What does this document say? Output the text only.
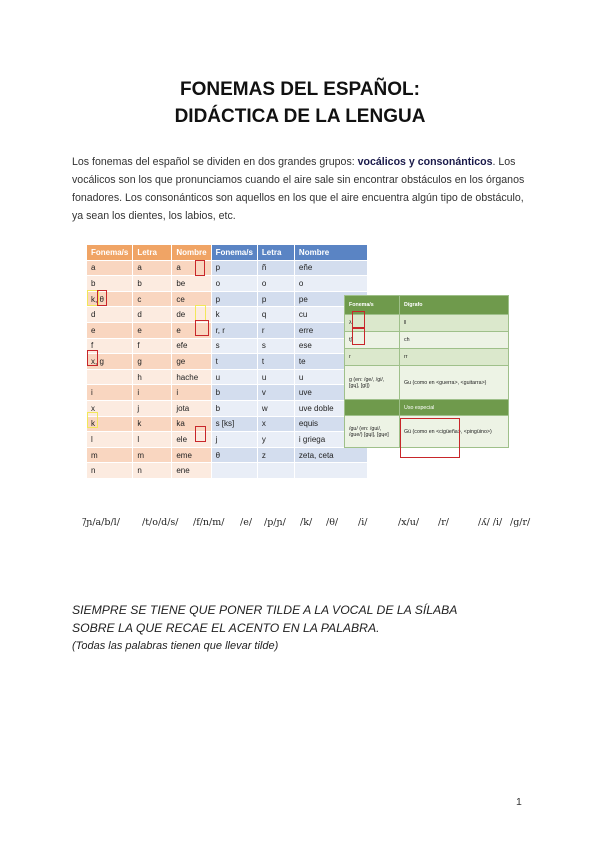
FONEMAS DEL ESPAÑOL:
DIDÁCTICA DE LA LENGUA
Los fonemas del español se dividen en dos grandes grupos: vocálicos y consonánticos. Los vocálicos son los que pronunciamos cuando el aire sale sin encontrar obstáculos en los órganos fonadores. Los consonánticos son aquellos en los que el aire encuentra algún tipo de obstáculo, ya sean los dientes, los labios, etc.
Fonema/s	Letra	Nombre	Fonema/s	Letra	Nombre
a	a	a	p	ñ	eñe
b	b	be	o	o	o
k, θ	c	ce	p	p	pe
d	d	de	k	q	cu
e	e	e	r, r	r	erre
f	f	efe	s	s	ese
x, g	g	ge	t	t	te
	h	hache	u	u	u
i	i	i	b	v	uve
x	j	jota	b	w	uve doble
k	k	ka	s [ks]	x	equis
l	l	ele	j	y	i griega
m	m	eme	θ	z	zeta, ceta
n	n	ene			
Fonema/s	Dígrafo
λ	ll
tʃ	ch
r	rr
g (en: /ge/, /gi/, [gɥ], [gi])	Gu (como en <guerra>, <guitarra>)
	Uso especial
/gu/ (en: /gui/, /gue/) [gɥi], [gɥe]	Gü (como en <cigüeña>, <pingüino>)
/̃ɲ/a/b/l/ /t/o/d/s/ /f/n/m/ /e/ /p/ɲ/ /k/ /θ/ /i/	/x/u/ /r/	/ʎ/ /i/ /g/r/
SIEMPRE SE TIENE QUE PONER TILDE A LA VOCAL DE LA SÍLABA
SOBRE LA QUE RECAE EL ACENTO EN LA PALABRA.
(Todas las palabras tienen que llevar tilde)
1
